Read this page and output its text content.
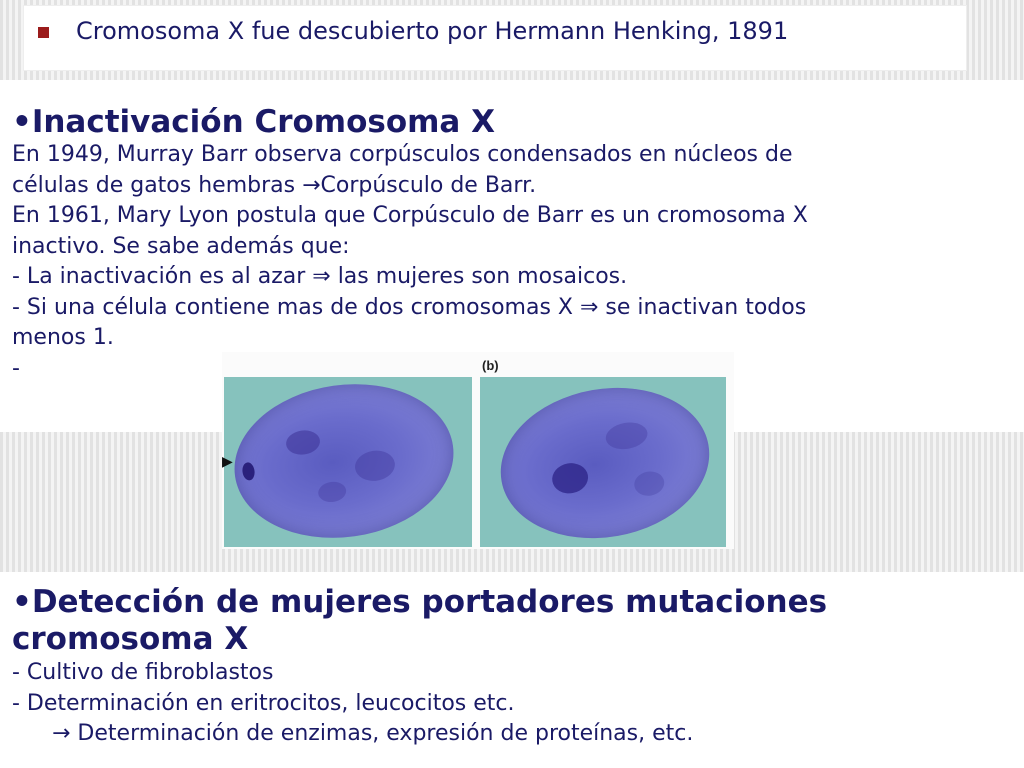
Cromosoma X fue descubierto por Hermann Henking, 1891
•Inactivación Cromosoma X
En 1949, Murray Barr observa corpúsculos condensados en núcleos de
células de gatos hembras →Corpúsculo de Barr.
En 1961, Mary Lyon postula que Corpúsculo de Barr es un cromosoma X
inactivo. Se sabe además que:
- La inactivación es al azar ⇒ las mujeres son mosaicos.
- Si una célula contiene mas de dos cromosomas X ⇒ se inactivan todos
menos 1.
-	(b)
▶
•Detección de mujeres portadores mutaciones
cromosoma X
- Cultivo de fibroblastos
- Determinación en eritrocitos, leucocitos etc.
→ Determinación de enzimas, expresión de proteínas, etc.
